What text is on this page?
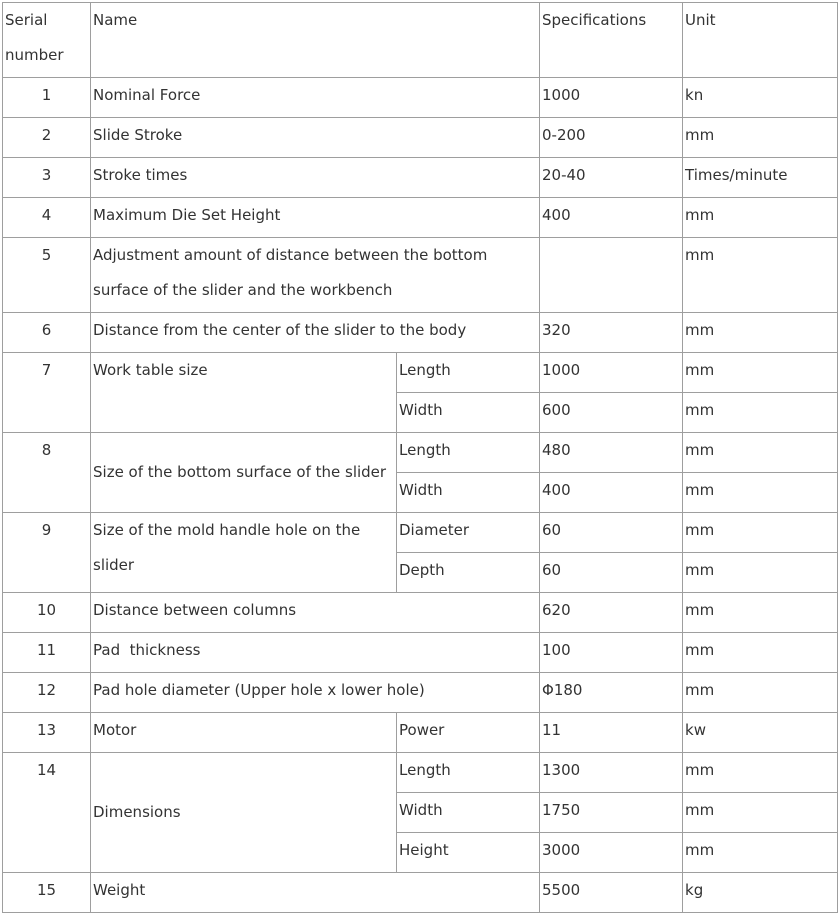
Serial number	Name		Specifications	Unit
1	Nominal Force		1000	kn
2	Slide Stroke		0-200	mm
3	Stroke times		20-40	Times/minute
4	Maximum Die Set Height		400	mm
5	Adjustment amount of distance between the bottom surface of the slider and the workbench			mm
6	Distance from the center of the slider to the body		320	mm
7	Work table size	Length	1000	mm
		Width	600	mm
8	Size of the bottom surface of the slider	Length	480	mm
		Width	400	mm
9	Size of the mold handle hole on the slider	Diameter	60	mm
		Depth	60	mm
10	Distance between columns		620	mm
11	Pad  thickness		100	mm
12	Pad hole diameter (Upper hole x lower hole)		Φ180	mm
13	Motor	Power	11	kw
14	Dimensions	Length	1300	mm
		Width	1750	mm
		Height	3000	mm
15	Weight		5500	kg
